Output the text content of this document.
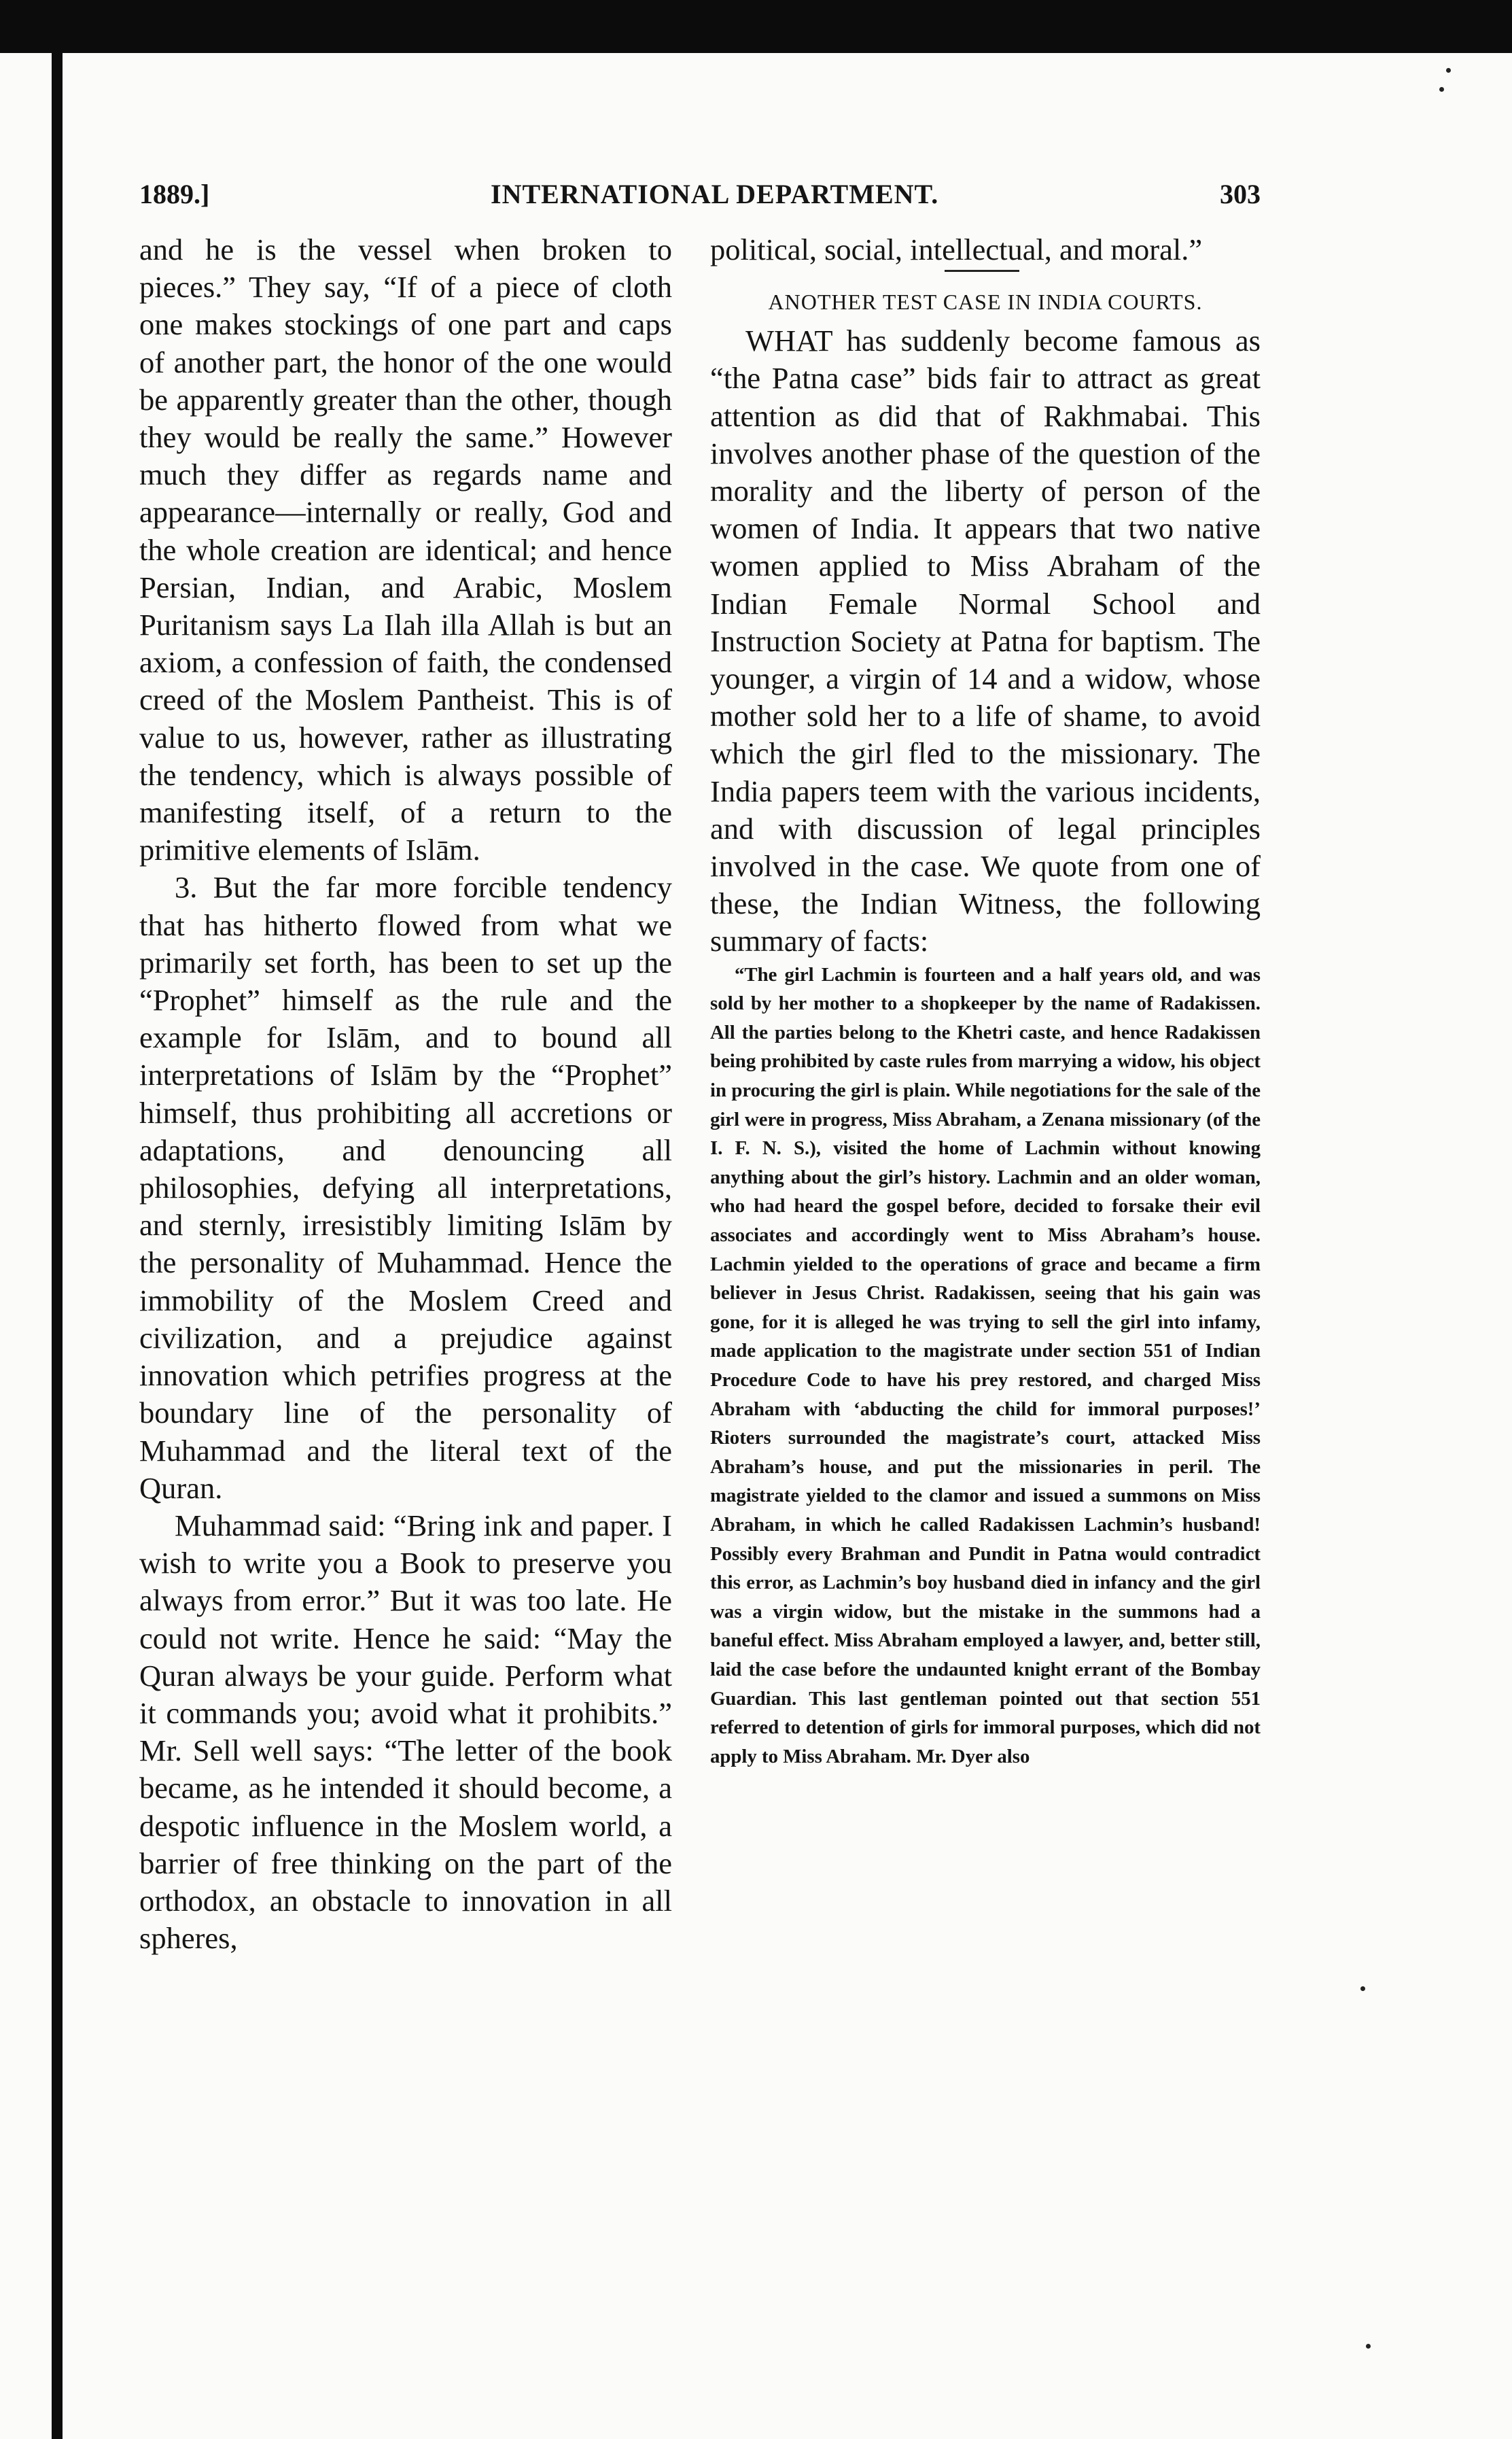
1889.]	INTERNATIONAL DEPARTMENT.	303

and he is the vessel when broken to pieces.” They say, “If of a piece of cloth one makes stockings of one part and caps of another part, the honor of the one would be apparently greater than the other, though they would be really the same.” However much they differ as regards name and appearance—internally or really, God and the whole creation are identical; and hence Persian, Indian, and Arabic, Moslem Puritanism says La Ilah illa Allah is but an axiom, a confession of faith, the condensed creed of the Moslem Pantheist. This is of value to us, however, rather as illustrating the tendency, which is always possible of manifesting itself, of a return to the primitive elements of Islām.

3. But the far more forcible tendency that has hitherto flowed from what we primarily set forth, has been to set up the “Prophet” himself as the rule and the example for Islām, and to bound all interpretations of Islām by the “Prophet” himself, thus prohibiting all accretions or adaptations, and denouncing all philosophies, defying all interpretations, and sternly, irresistibly limiting Islām by the personality of Muhammad. Hence the immobility of the Moslem Creed and civilization, and a prejudice against innovation which petrifies progress at the boundary line of the personality of Muhammad and the literal text of the Quran.

Muhammad said: “Bring ink and paper. I wish to write you a Book to preserve you always from error.” But it was too late. He could not write. Hence he said: “May the Quran always be your guide. Perform what it commands you; avoid what it prohibits.” Mr. Sell well says: “The letter of the book became, as he intended it should become, a despotic influence in the Moslem world, a barrier of free thinking on the part of the orthodox, an obstacle to innovation in all spheres,

political, social, intellectual, and moral.”

ANOTHER TEST CASE IN INDIA COURTS.

WHAT has suddenly become famous as “the Patna case” bids fair to attract as great attention as did that of Rakhmabai. This involves another phase of the question of the morality and the liberty of person of the women of India. It appears that two native women applied to Miss Abraham of the Indian Female Normal School and Instruction Society at Patna for baptism. The younger, a virgin of 14 and a widow, whose mother sold her to a life of shame, to avoid which the girl fled to the missionary. The India papers teem with the various incidents, and with discussion of legal principles involved in the case. We quote from one of these, the Indian Witness, the following summary of facts:

“The girl Lachmin is fourteen and a half years old, and was sold by her mother to a shopkeeper by the name of Radakissen. All the parties belong to the Khetri caste, and hence Radakissen being prohibited by caste rules from marrying a widow, his object in procuring the girl is plain. While negotiations for the sale of the girl were in progress, Miss Abraham, a Zenana missionary (of the I. F. N. S.), visited the home of Lachmin without knowing anything about the girl’s history. Lachmin and an older woman, who had heard the gospel before, decided to forsake their evil associates and accordingly went to Miss Abraham’s house. Lachmin yielded to the operations of grace and became a firm believer in Jesus Christ. Radakissen, seeing that his gain was gone, for it is alleged he was trying to sell the girl into infamy, made application to the magistrate under section 551 of Indian Procedure Code to have his prey restored, and charged Miss Abraham with ‘abducting the child for immoral purposes!’ Rioters surrounded the magistrate’s court, attacked Miss Abraham’s house, and put the missionaries in peril. The magistrate yielded to the clamor and issued a summons on Miss Abraham, in which he called Radakissen Lachmin’s husband! Possibly every Brahman and Pundit in Patna would contradict this error, as Lachmin’s boy husband died in infancy and the girl was a virgin widow, but the mistake in the summons had a baneful effect. Miss Abraham employed a lawyer, and, better still, laid the case before the undaunted knight errant of the Bombay Guardian. This last gentleman pointed out that section 551 referred to detention of girls for immoral purposes, which did not apply to Miss Abraham. Mr. Dyer also
